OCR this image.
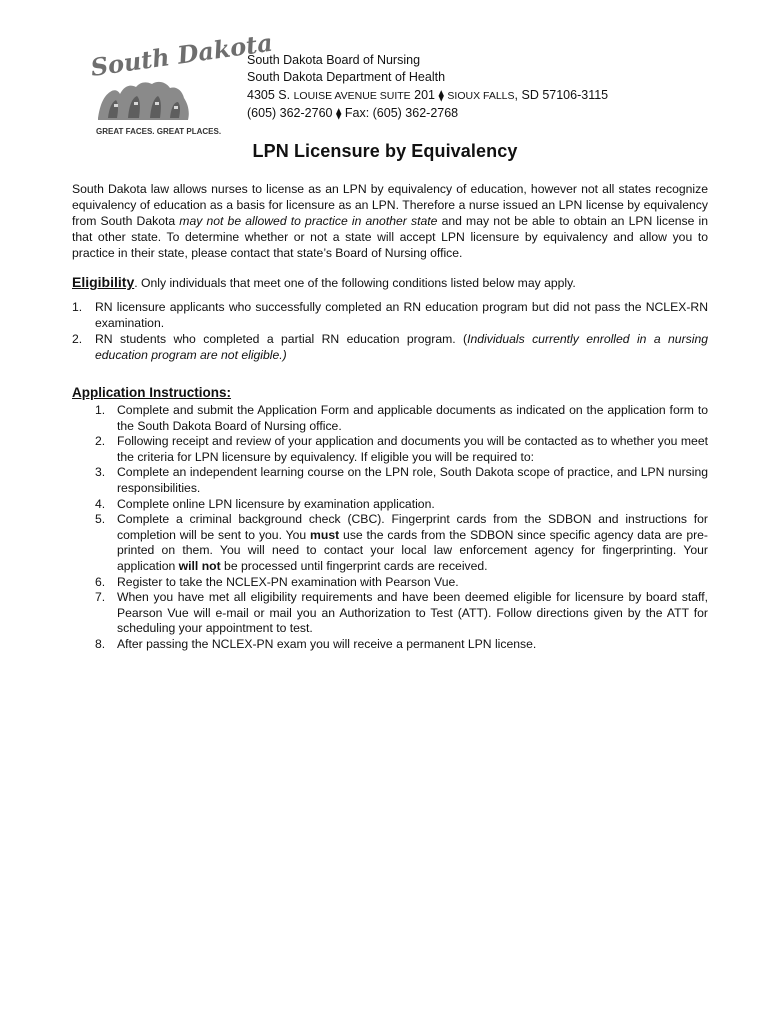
South Dakota
GREAT FACES. GREAT PLACES.
South Dakota Board of Nursing
South Dakota Department of Health
4305 S. LOUISE AVENUE SUITE 201 ⧫ SIOUX FALLS, SD 57106-3115
(605) 362-2760 ⧫ Fax: (605) 362-2768
LPN Licensure by Equivalency

South Dakota law allows nurses to license as an LPN by equivalency of education, however not all states recognize equivalency of education as a basis for licensure as an LPN. Therefore a nurse issued an LPN license by equivalency from South Dakota may not be allowed to practice in another state and may not be able to obtain an LPN license in that other state. To determine whether or not a state will accept LPN licensure by equivalency and allow you to practice in their state, please contact that state’s Board of Nursing office.

Eligibility. Only individuals that meet one of the following conditions listed below may apply.

1. RN licensure applicants who successfully completed an RN education program but did not pass the NCLEX-RN examination.
2. RN students who completed a partial RN education program. (Individuals currently enrolled in a nursing education program are not eligible.)
Application Instructions:
1. Complete and submit the Application Form and applicable documents as indicated on the application form to the South Dakota Board of Nursing office.
2. Following receipt and review of your application and documents you will be contacted as to whether you meet the criteria for LPN licensure by equivalency. If eligible you will be required to:
3. Complete an independent learning course on the LPN role, South Dakota scope of practice, and LPN nursing responsibilities.
4. Complete online LPN licensure by examination application.
5. Complete a criminal background check (CBC). Fingerprint cards from the SDBON and instructions for completion will be sent to you. You must use the cards from the SDBON since specific agency data are pre-printed on them. You will need to contact your local law enforcement agency for fingerprinting. Your application will not be processed until fingerprint cards are received.
6. Register to take the NCLEX-PN examination with Pearson Vue.
7. When you have met all eligibility requirements and have been deemed eligible for licensure by board staff, Pearson Vue will e-mail or mail you an Authorization to Test (ATT). Follow directions given by the ATT for scheduling your appointment to test.
8. After passing the NCLEX-PN exam you will receive a permanent LPN license.
